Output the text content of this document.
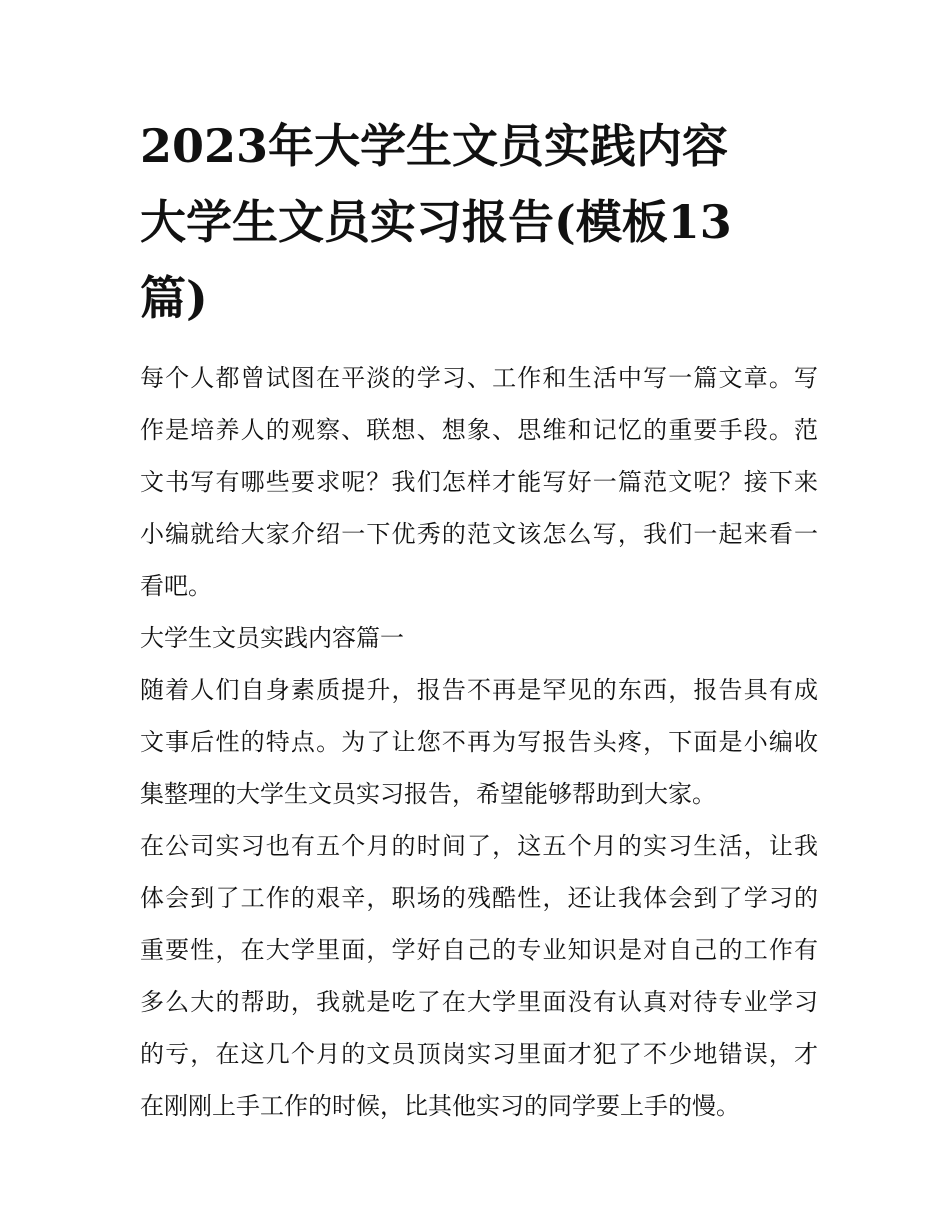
2023年大学生文员实践内容
大学生文员实习报告(模板13
篇)

每个人都曾试图在平淡的学习、工作和生活中写一篇文章。写
作是培养人的观察、联想、想象、思维和记忆的重要手段。范
文书写有哪些要求呢？我们怎样才能写好一篇范文呢？接下来
小编就给大家介绍一下优秀的范文该怎么写，我们一起来看一
看吧。

大学生文员实践内容篇一

随着人们自身素质提升，报告不再是罕见的东西，报告具有成
文事后性的特点。为了让您不再为写报告头疼，下面是小编收
集整理的大学生文员实习报告，希望能够帮助到大家。

在公司实习也有五个月的时间了，这五个月的实习生活，让我
体会到了工作的艰辛，职场的残酷性，还让我体会到了学习的
重要性，在大学里面，学好自己的专业知识是对自己的工作有
多么大的帮助，我就是吃了在大学里面没有认真对待专业学习
的亏，在这几个月的文员顶岗实习里面才犯了不少地错误，才
在刚刚上手工作的时候，比其他实习的同学要上手的慢。
